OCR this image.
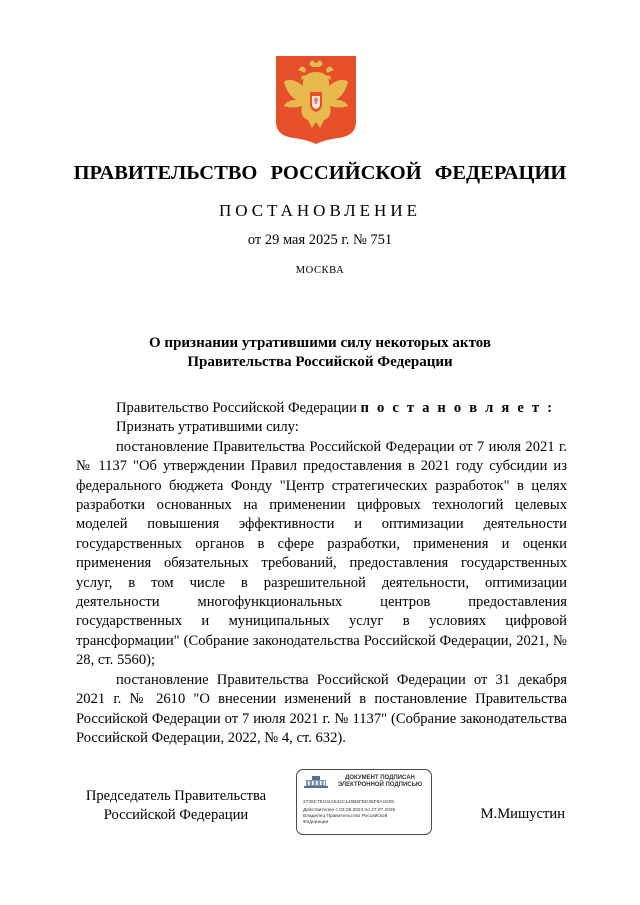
ПРАВИТЕЛЬСТВО РОССИЙСКОЙ ФЕДЕРАЦИИ
ПОСТАНОВЛЕНИЕ
от 29 мая 2025 г. № 751
МОСКВА
О признании утратившими силу некоторых актов
Правительства Российской Федерации

Правительство Российской Федерации п о с т а н о в л я е т :

Признать утратившими силу:

постановление Правительства Российской Федерации от 7 июля 2021 г. № 1137 "Об утверждении Правил предоставления в 2021 году субсидии из федерального бюджета Фонду "Центр стратегических разработок" в целях разработки основанных на применении цифровых технологий целевых моделей повышения эффективности и оптимизации деятельности государственных органов в сфере разработки, применения и оценки применения обязательных требований, предоставления государственных услуг, в том числе в разрешительной деятельности, оптимизации деятельности многофункциональных центров предоставления государственных и муниципальных услуг в условиях цифровой трансформации" (Собрание законодательства Российской Федерации, 2021, № 28, ст. 5560);

постановление Правительства Российской Федерации от 31 декабря 2021 г. № 2610 "О внесении изменений в постановление Правительства Российской Федерации от 7 июля 2021 г. № 1137" (Собрание законодательства Российской Федерации, 2022, № 4, ст. 632).

Председатель Правительства
Российской Федерации
ДОКУМЕНТ ПОДПИСАН
ЭЛЕКТРОННОЙ ПОДПИСЬЮ
2728C79104A041C145B6FEE36F8A1D09
Действителен с 03.05.2024 по 27.07.2025
Владелец Правительство Российской
Федерации
М.Мишустин
